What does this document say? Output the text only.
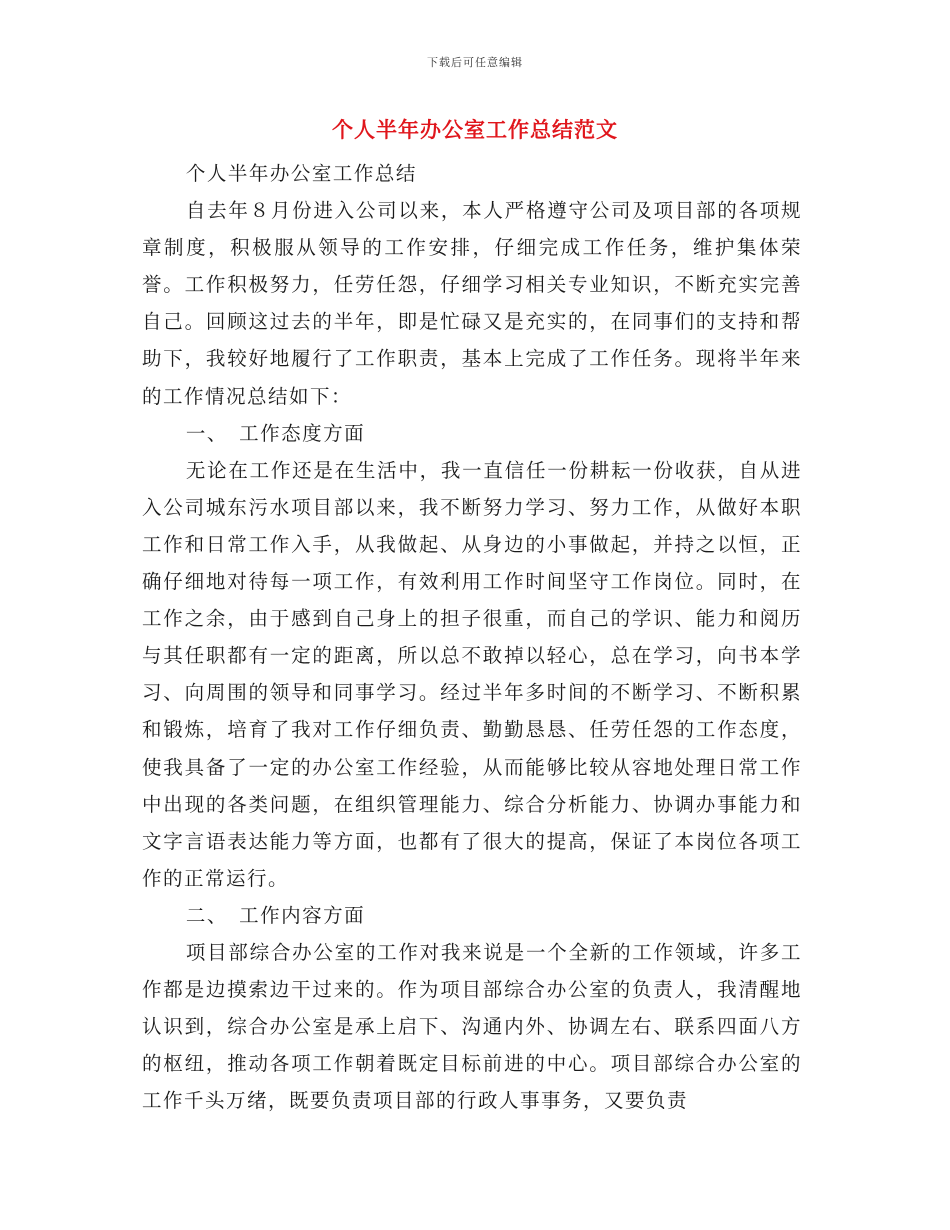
下载后可任意编辑
个人半年办公室工作总结范文

个人半年办公室工作总结

自去年８月份进入公司以来，本人严格遵守公司及项目部的各项规章制度，积极服从领导的工作安排，仔细完成工作任务，维护集体荣誉。工作积极努力，任劳任怨，仔细学习相关专业知识，不断充实完善自己。回顾这过去的半年，即是忙碌又是充实的，在同事们的支持和帮助下，我较好地履行了工作职责，基本上完成了工作任务。现将半年来的工作情况总结如下：

一、　工作态度方面

无论在工作还是在生活中，我一直信任一份耕耘一份收获，自从进入公司城东污水项目部以来，我不断努力学习、努力工作，从做好本职工作和日常工作入手，从我做起、从身边的小事做起，并持之以恒，正确仔细地对待每一项工作，有效利用工作时间坚守工作岗位。同时，在工作之余，由于感到自己身上的担子很重，而自己的学识、能力和阅历与其任职都有一定的距离，所以总不敢掉以轻心，总在学习，向书本学习、向周围的领导和同事学习。经过半年多时间的不断学习、不断积累和锻炼，培育了我对工作仔细负责、勤勤恳恳、任劳任怨的工作态度，使我具备了一定的办公室工作经验，从而能够比较从容地处理日常工作中出现的各类问题，在组织管理能力、综合分析能力、协调办事能力和文字言语表达能力等方面，也都有了很大的提高，保证了本岗位各项工作的正常运行。

二、　工作内容方面

项目部综合办公室的工作对我来说是一个全新的工作领域，许多工作都是边摸索边干过来的。作为项目部综合办公室的负责人，我清醒地认识到，综合办公室是承上启下、沟通内外、协调左右、联系四面八方的枢纽，推动各项工作朝着既定目标前进的中心。项目部综合办公室的工作千头万绪，既要负责项目部的行政人事事务，又要负责
